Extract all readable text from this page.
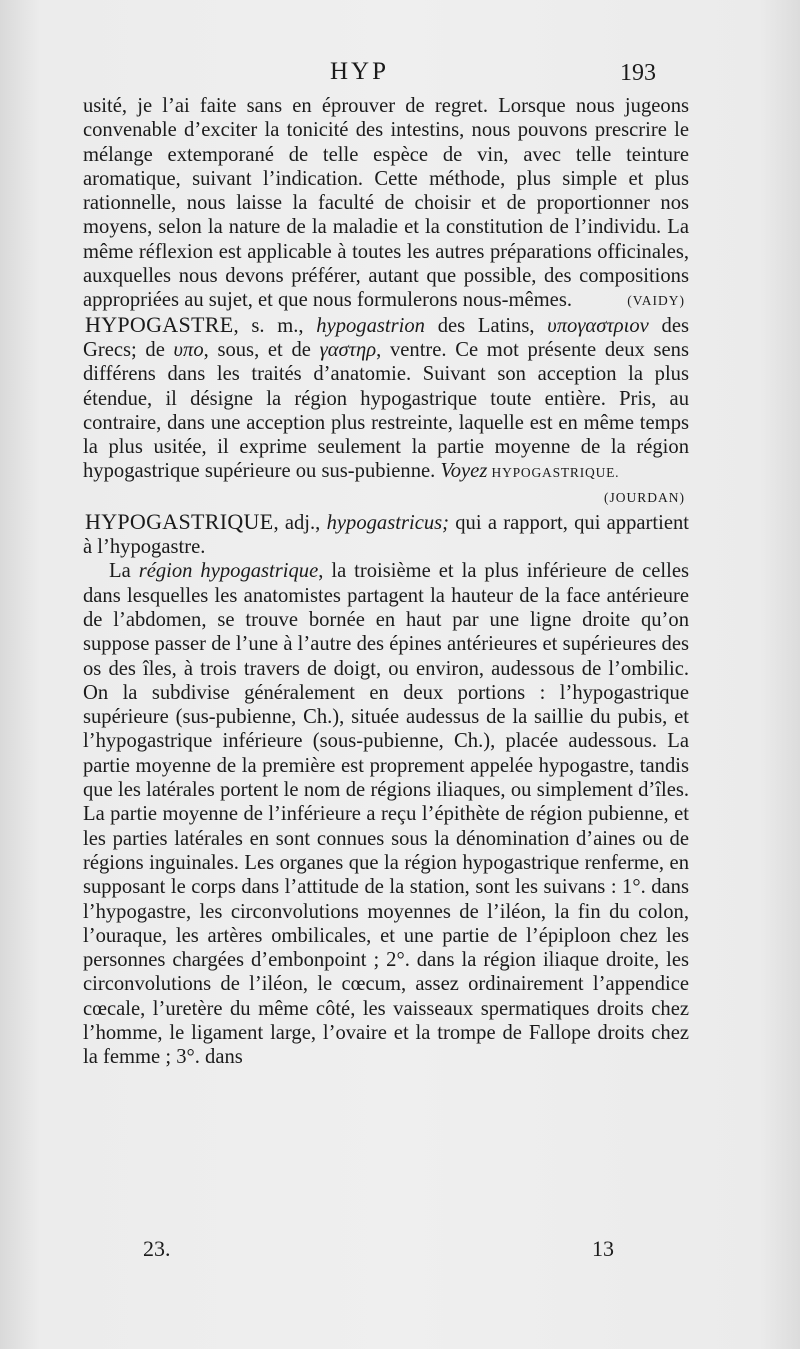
HYP	193

usité, je l’ai faite sans en éprouver de regret. Lorsque nous jugeons convenable d’exciter la tonicité des intestins, nous pouvons prescrire le mélange extemporané de telle espèce de vin, avec telle teinture aromatique, suivant l’indication. Cette méthode, plus simple et plus rationnelle, nous laisse la faculté de choisir et de proportionner nos moyens, selon la nature de la maladie et la constitution de l’individu. La même réflexion est applicable à toutes les autres préparations officinales, auxquelles nous devons préférer, autant que possible, des compositions appropriées au sujet, et que nous formulerons nous-mêmes.	(VAIDY)

HYPOGASTRE, s. m., hypogastrion des Latins, υπογαστριον des Grecs; de υπο, sous, et de γαστηρ, ventre. Ce mot présente deux sens différens dans les traités d’anatomie. Suivant son acception la plus étendue, il désigne la région hypogastrique toute entière. Pris, au contraire, dans une acception plus restreinte, laquelle est en même temps la plus usitée, il exprime seulement la partie moyenne de la région hypogastrique supérieure ou sus-pubienne. Voyez HYPOGASTRIQUE.

(JOURDAN)

HYPOGASTRIQUE, adj., hypogastricus; qui a rapport, qui appartient à l’hypogastre.

La région hypogastrique, la troisième et la plus inférieure de celles dans lesquelles les anatomistes partagent la hauteur de la face antérieure de l’abdomen, se trouve bornée en haut par une ligne droite qu’on suppose passer de l’une à l’autre des épines antérieures et supérieures des os des îles, à trois travers de doigt, ou environ, audessous de l’ombilic. On la subdivise généralement en deux portions : l’hypogastrique supérieure (sus-pubienne, Ch.), située audessus de la saillie du pubis, et l’hypogastrique inférieure (sous-pubienne, Ch.), placée audessous. La partie moyenne de la première est proprement appelée hypogastre, tandis que les latérales portent le nom de régions iliaques, ou simplement d’îles. La partie moyenne de l’inférieure a reçu l’épithète de région pubienne, et les parties latérales en sont connues sous la dénomination d’aines ou de régions inguinales. Les organes que la région hypogastrique renferme, en supposant le corps dans l’attitude de la station, sont les suivans : 1°. dans l’hypogastre, les circonvolutions moyennes de l’iléon, la fin du colon, l’ouraque, les artères ombilicales, et une partie de l’épiploon chez les personnes chargées d’embonpoint ; 2°. dans la région iliaque droite, les circonvolutions de l’iléon, le cœcum, assez ordinairement l’appendice cœcale, l’uretère du même côté, les vaisseaux spermatiques droits chez l’homme, le ligament large, l’ovaire et la trompe de Fallope droits chez la femme ; 3°. dans

23.	13
